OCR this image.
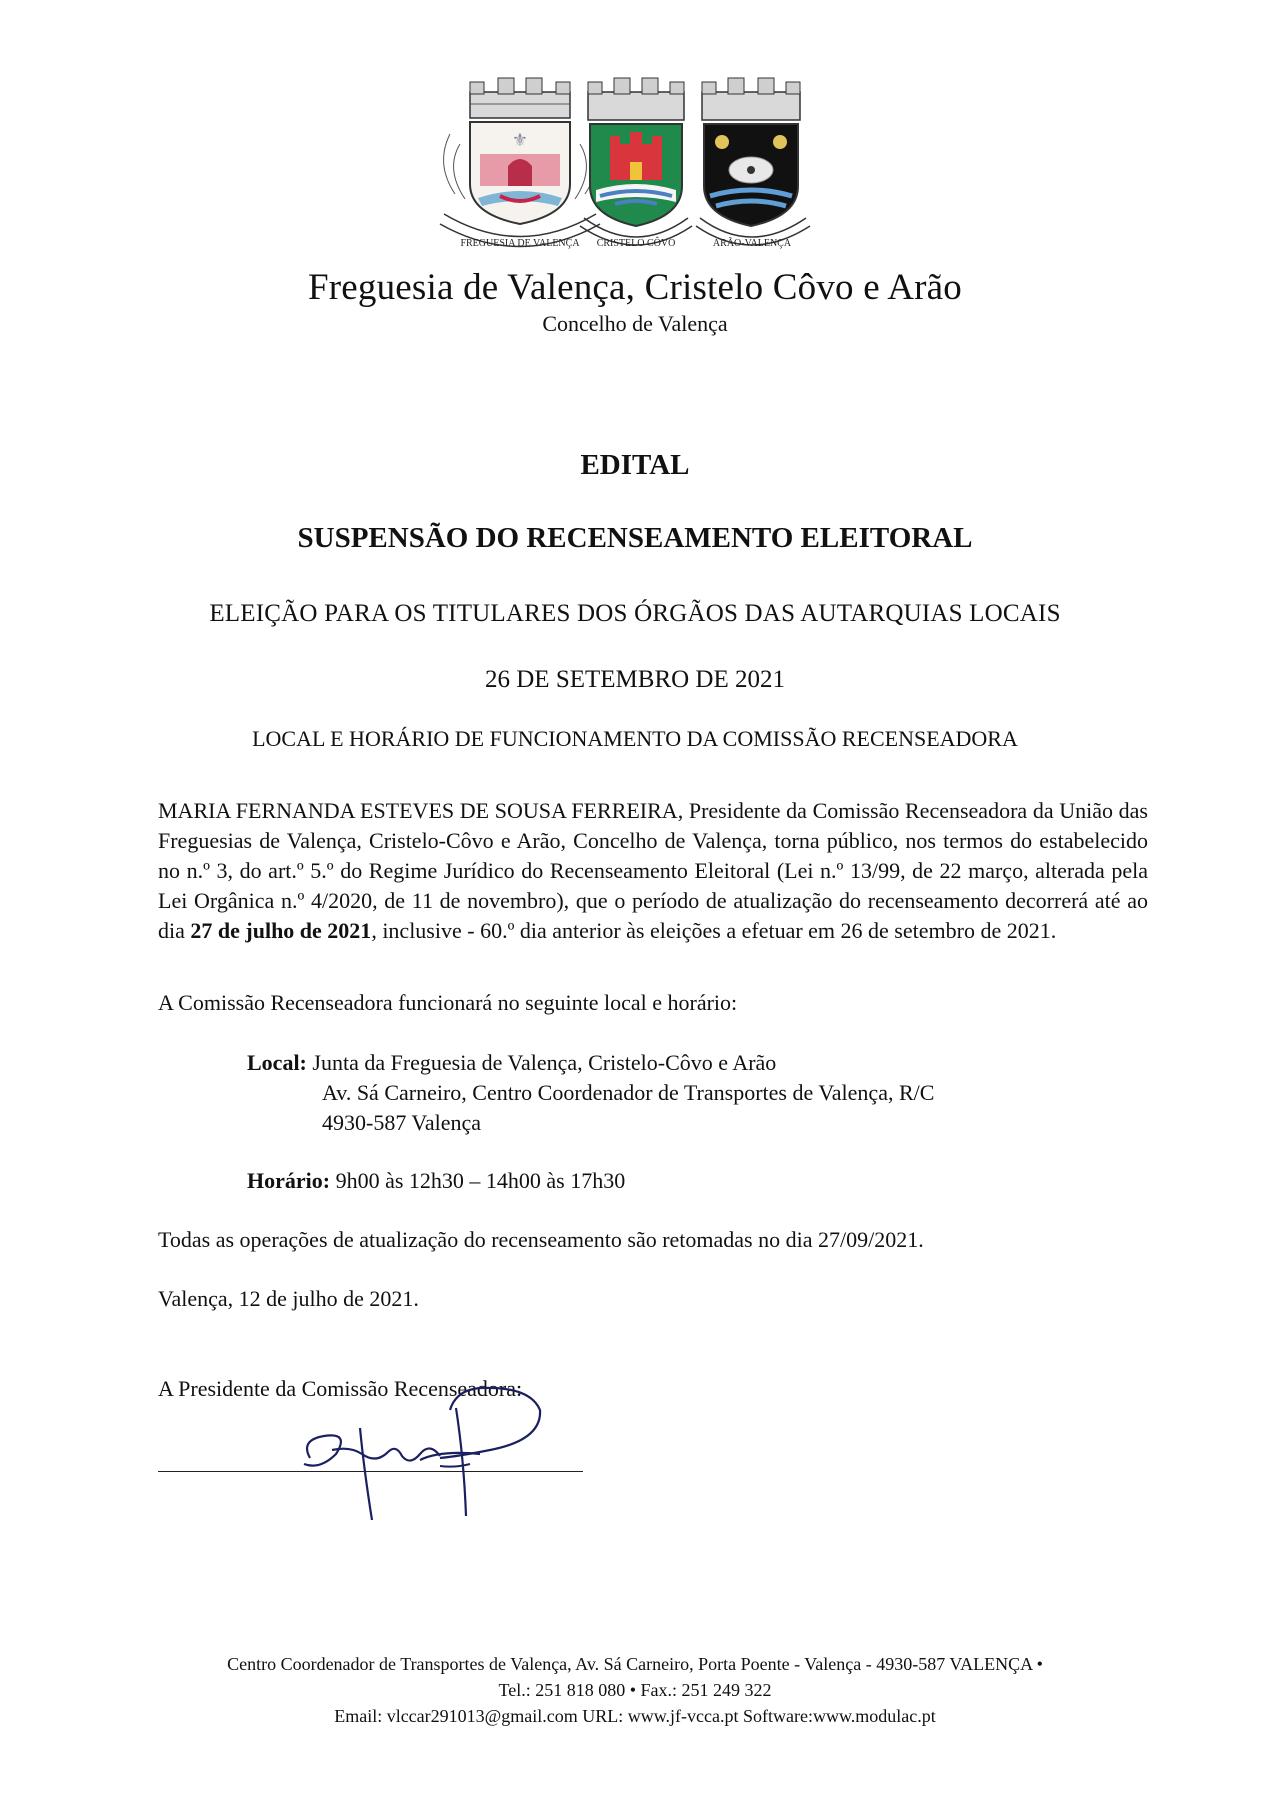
⚜
FREGUESIA DE VALENÇA CRISTELO CÔVO	ARÃO-VALENÇA
Freguesia de Valença, Cristelo Côvo e Arão
Concelho de Valença
EDITAL
SUSPENSÃO DO RECENSEAMENTO ELEITORAL
ELEIÇÃO PARA OS TITULARES DOS ÓRGÃOS DAS AUTARQUIAS LOCAIS
26 DE SETEMBRO DE 2021
LOCAL E HORÁRIO DE FUNCIONAMENTO DA COMISSÃO RECENSEADORA
MARIA FERNANDA ESTEVES DE SOUSA FERREIRA, Presidente da Comissão Recenseadora da União das Freguesias de Valença, Cristelo-Côvo e Arão, Concelho de Valença, torna público, nos termos do estabelecido no n.º 3, do art.º 5.º do Regime Jurídico do Recenseamento Eleitoral (Lei n.º 13/99, de 22 março, alterada pela Lei Orgânica n.º 4/2020, de 11 de novembro), que o período de atualização do recenseamento decorrerá até ao dia 27 de julho de 2021, inclusive - 60.º dia anterior às eleições a efetuar em 26 de setembro de 2021.
A Comissão Recenseadora funcionará no seguinte local e horário:
Local: Junta da Freguesia de Valença, Cristelo-Côvo e Arão
Av. Sá Carneiro, Centro Coordenador de Transportes de Valença, R/C
4930-587 Valença
Horário: 9h00 às 12h30 – 14h00 às 17h30
Todas as operações de atualização do recenseamento são retomadas no dia 27/09/2021.
Valença, 12 de julho de 2021.
A Presidente da Comissão Recenseadora:
Centro Coordenador de Transportes de Valença, Av. Sá Carneiro, Porta Poente - Valença - 4930-587 VALENÇA •
Tel.: 251 818 080 • Fax.: 251 249 322
Email: vlccar291013@gmail.com URL: www.jf-vcca.pt Software:www.modulac.pt
